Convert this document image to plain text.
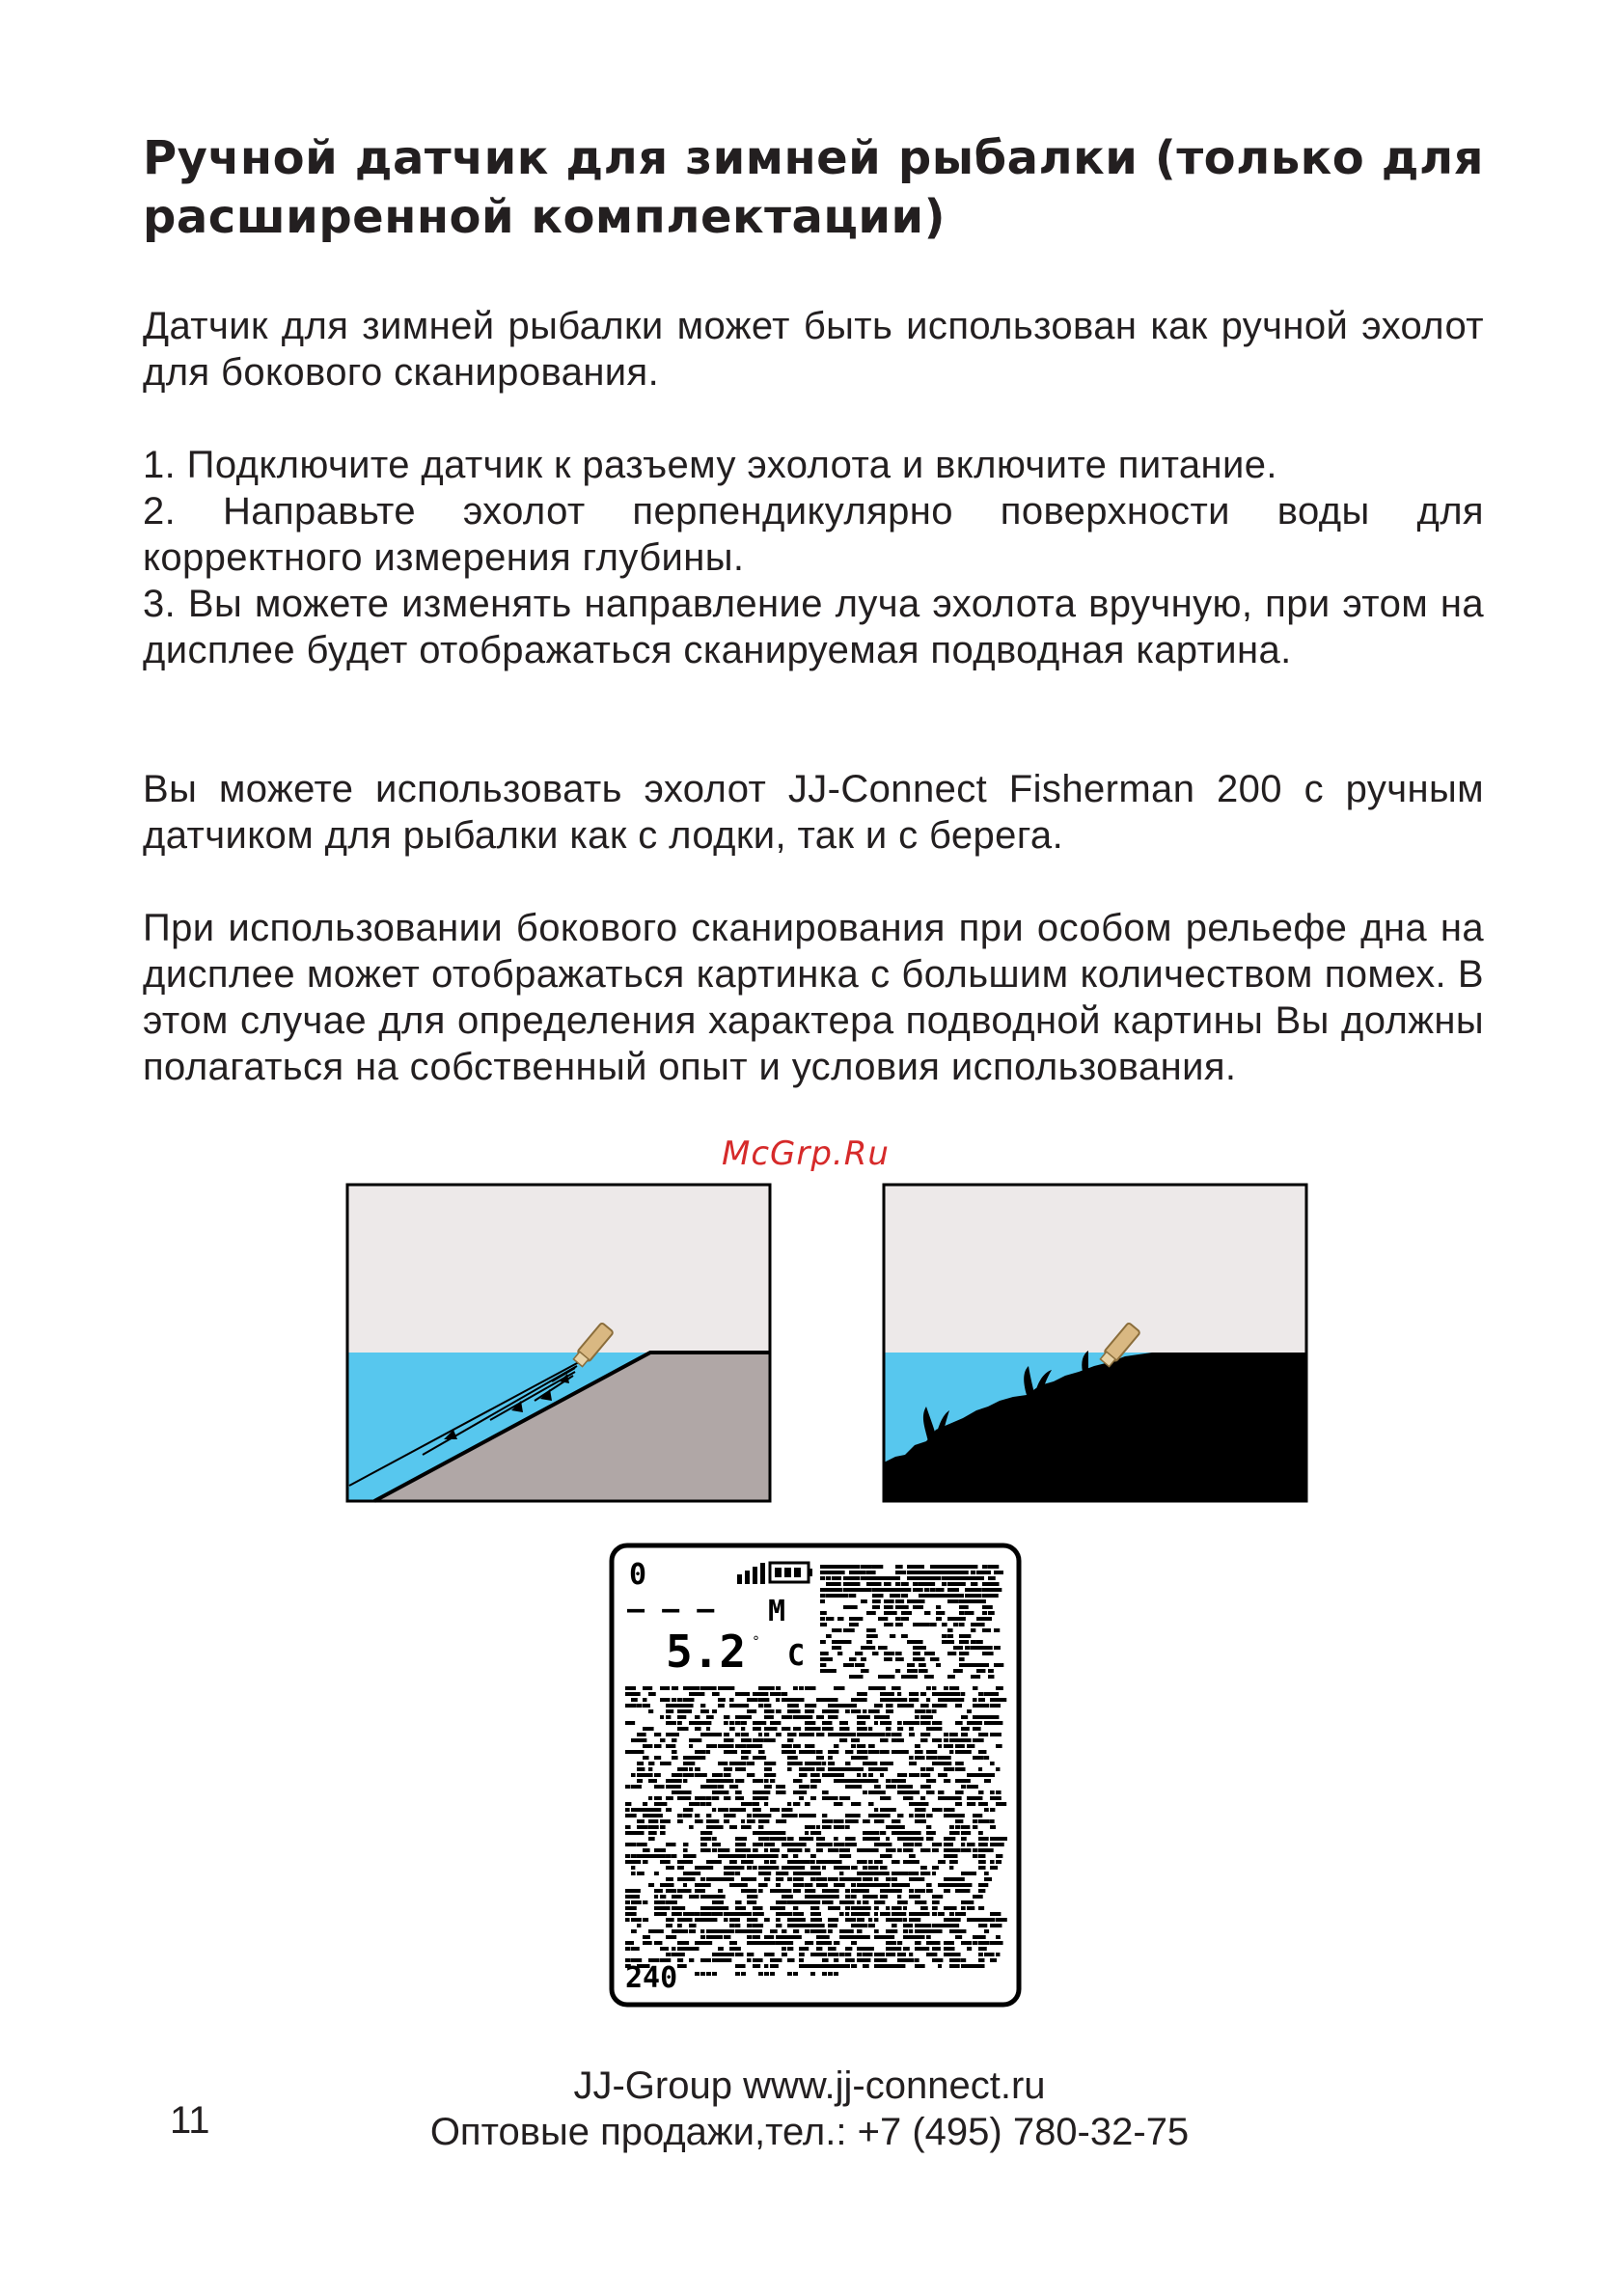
Ручной датчик для зимней рыбалки (только для расширенной комплектации)

Датчик для зимней рыбалки может быть использован как ручной эхолот для бокового сканирования.

1. Подключите датчик к разъему эхолота и включите питание.

2. Направьте эхолот перпендикулярно поверхности воды для корректного измерения глубины.

3. Вы можете изменять направление луча эхолота вручную, при этом на дисплее будет отображаться сканируемая подводная картина.

Вы можете использовать эхолот JJ-Connect Fisherman 200 с ручным датчиком для рыбалки как с лодки, так и с берега.

При использовании бокового сканирования при особом рельефе дна на дисплее может отображаться картинка с большим количеством помех. В этом случае для определения характера подводной картины Вы должны полагаться на собственный опыт и условия использования.

McGrp.Ru
0
— — — M
5.2 ° C
240
11
JJ-Group www.jj-connect.ru
Оптовые продажи,тел.: +7 (495) 780-32-75
